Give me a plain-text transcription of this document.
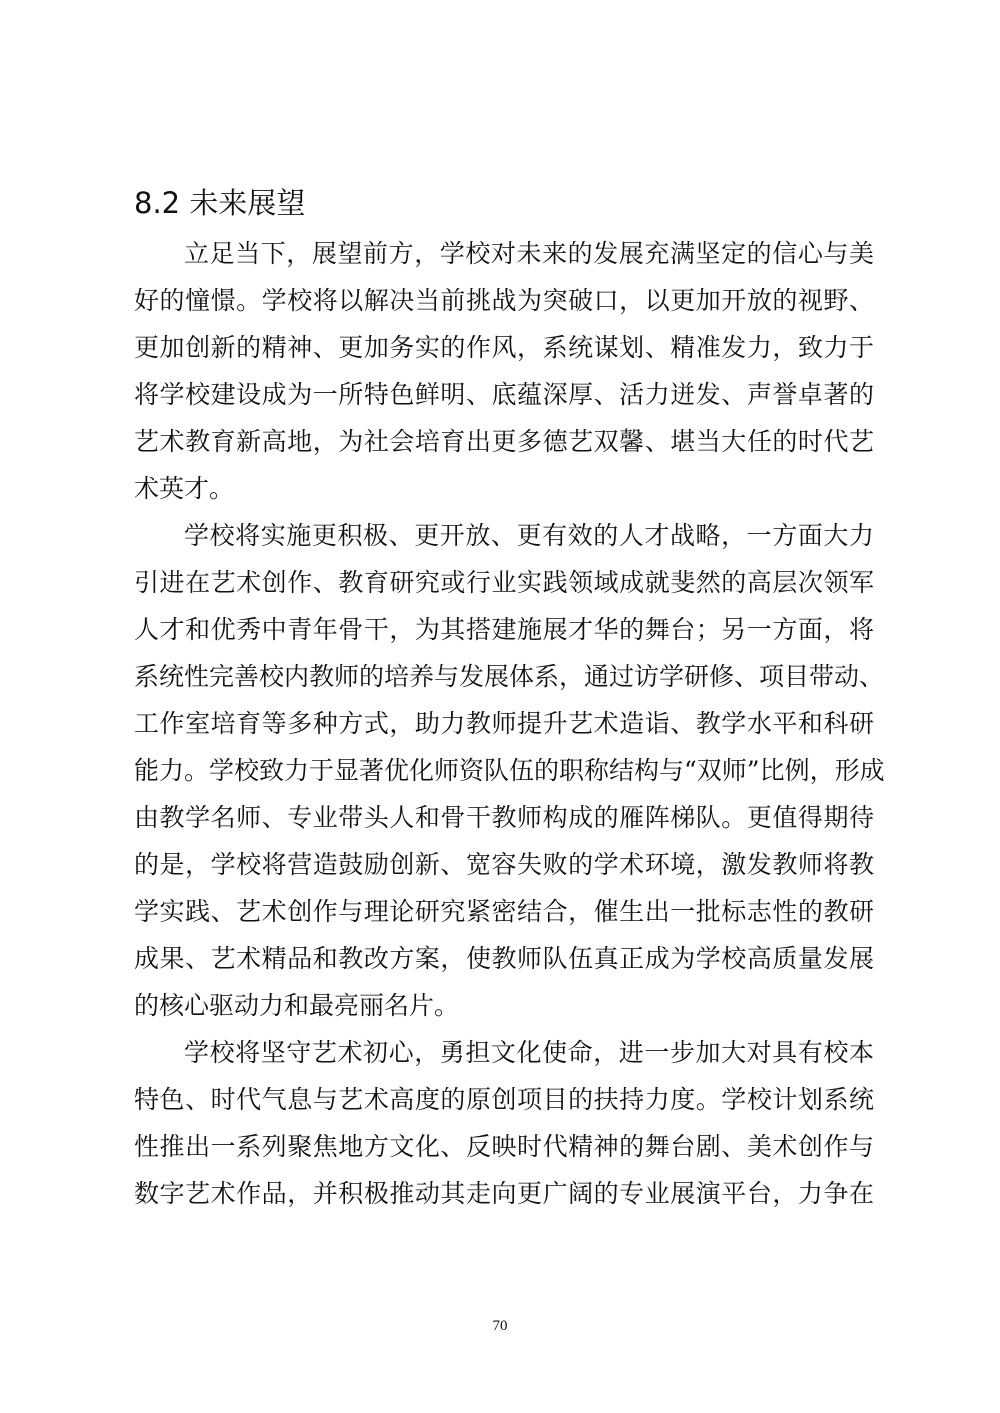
8.2 未来展望

立足当下，展望前方，学校对未来的发展充满坚定的信心与美
好的憧憬。学校将以解决当前挑战为突破口，以更加开放的视野、
更加创新的精神、更加务实的作风，系统谋划、精准发力，致力于
将学校建设成为一所特色鲜明、底蕴深厚、活力迸发、声誉卓著的
艺术教育新高地，为社会培育出更多德艺双馨、堪当大任的时代艺
术英才。

学校将实施更积极、更开放、更有效的人才战略，一方面大力
引进在艺术创作、教育研究或行业实践领域成就斐然的高层次领军
人才和优秀中青年骨干，为其搭建施展才华的舞台；另一方面，将
系统性完善校内教师的培养与发展体系，通过访学研修、项目带动、
工作室培育等多种方式，助力教师提升艺术造诣、教学水平和科研
能力。学校致力于显著优化师资队伍的职称结构与“双师”比例，形成
由教学名师、专业带头人和骨干教师构成的雁阵梯队。更值得期待
的是，学校将营造鼓励创新、宽容失败的学术环境，激发教师将教
学实践、艺术创作与理论研究紧密结合，催生出一批标志性的教研
成果、艺术精品和教改方案，使教师队伍真正成为学校高质量发展
的核心驱动力和最亮丽名片。

学校将坚守艺术初心，勇担文化使命，进一步加大对具有校本
特色、时代气息与艺术高度的原创项目的扶持力度。学校计划系统
性推出一系列聚焦地方文化、反映时代精神的舞台剧、美术创作与
数字艺术作品，并积极推动其走向更广阔的专业展演平台，力争在

70
